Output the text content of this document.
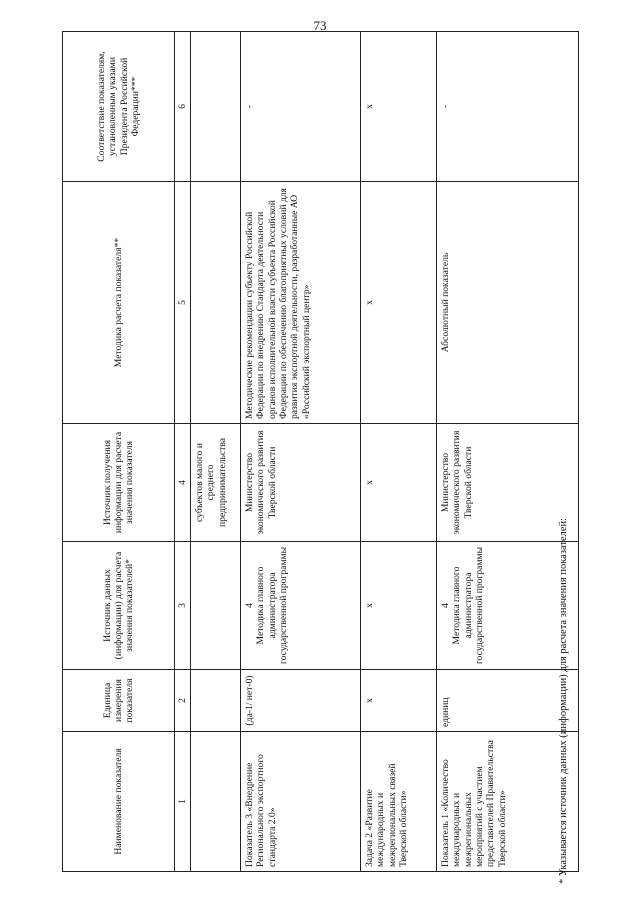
73
Наименование показателя	Единица измерения показателя	Источник данных (информации) для расчета значения показателей*	Источник получения информации для расчета значения показателя	Методика расчета показателя**	Соответствие показателям, установленным указами Президента Российской Федерации***
1	2	3	4	5	6
			субъектов малого и среднего предпринимательства		
Показатель 3 «Внедрение Регионального экспортного стандарта 2.0»	(да-1/ нет-0)	4 Методика главного администратора государственной программы	Министерство экономического развития Тверской области	Методические рекомендации субъекту Российской Федерации по внедрению Стандарта деятельности органов исполнительной власти субъекта Российской Федерации по обеспечению благоприятных условий для развития экспортной деятельности, разработанные АО «Российский экспортный центр»	-
Задача 2 «Развитие международных и межрегиональных связей Тверской области»	x	x	x	x	x
Показатель 1 «Количество международных и межрегиональных мероприятий с участием представителей Правительства Тверской области»	единиц	4 Методика главного администратора государственной программы	Министерство экономического развития Тверской области	Абсолютный показатель	-
* Указывается источник данных (информации) для расчета значения показателей:
